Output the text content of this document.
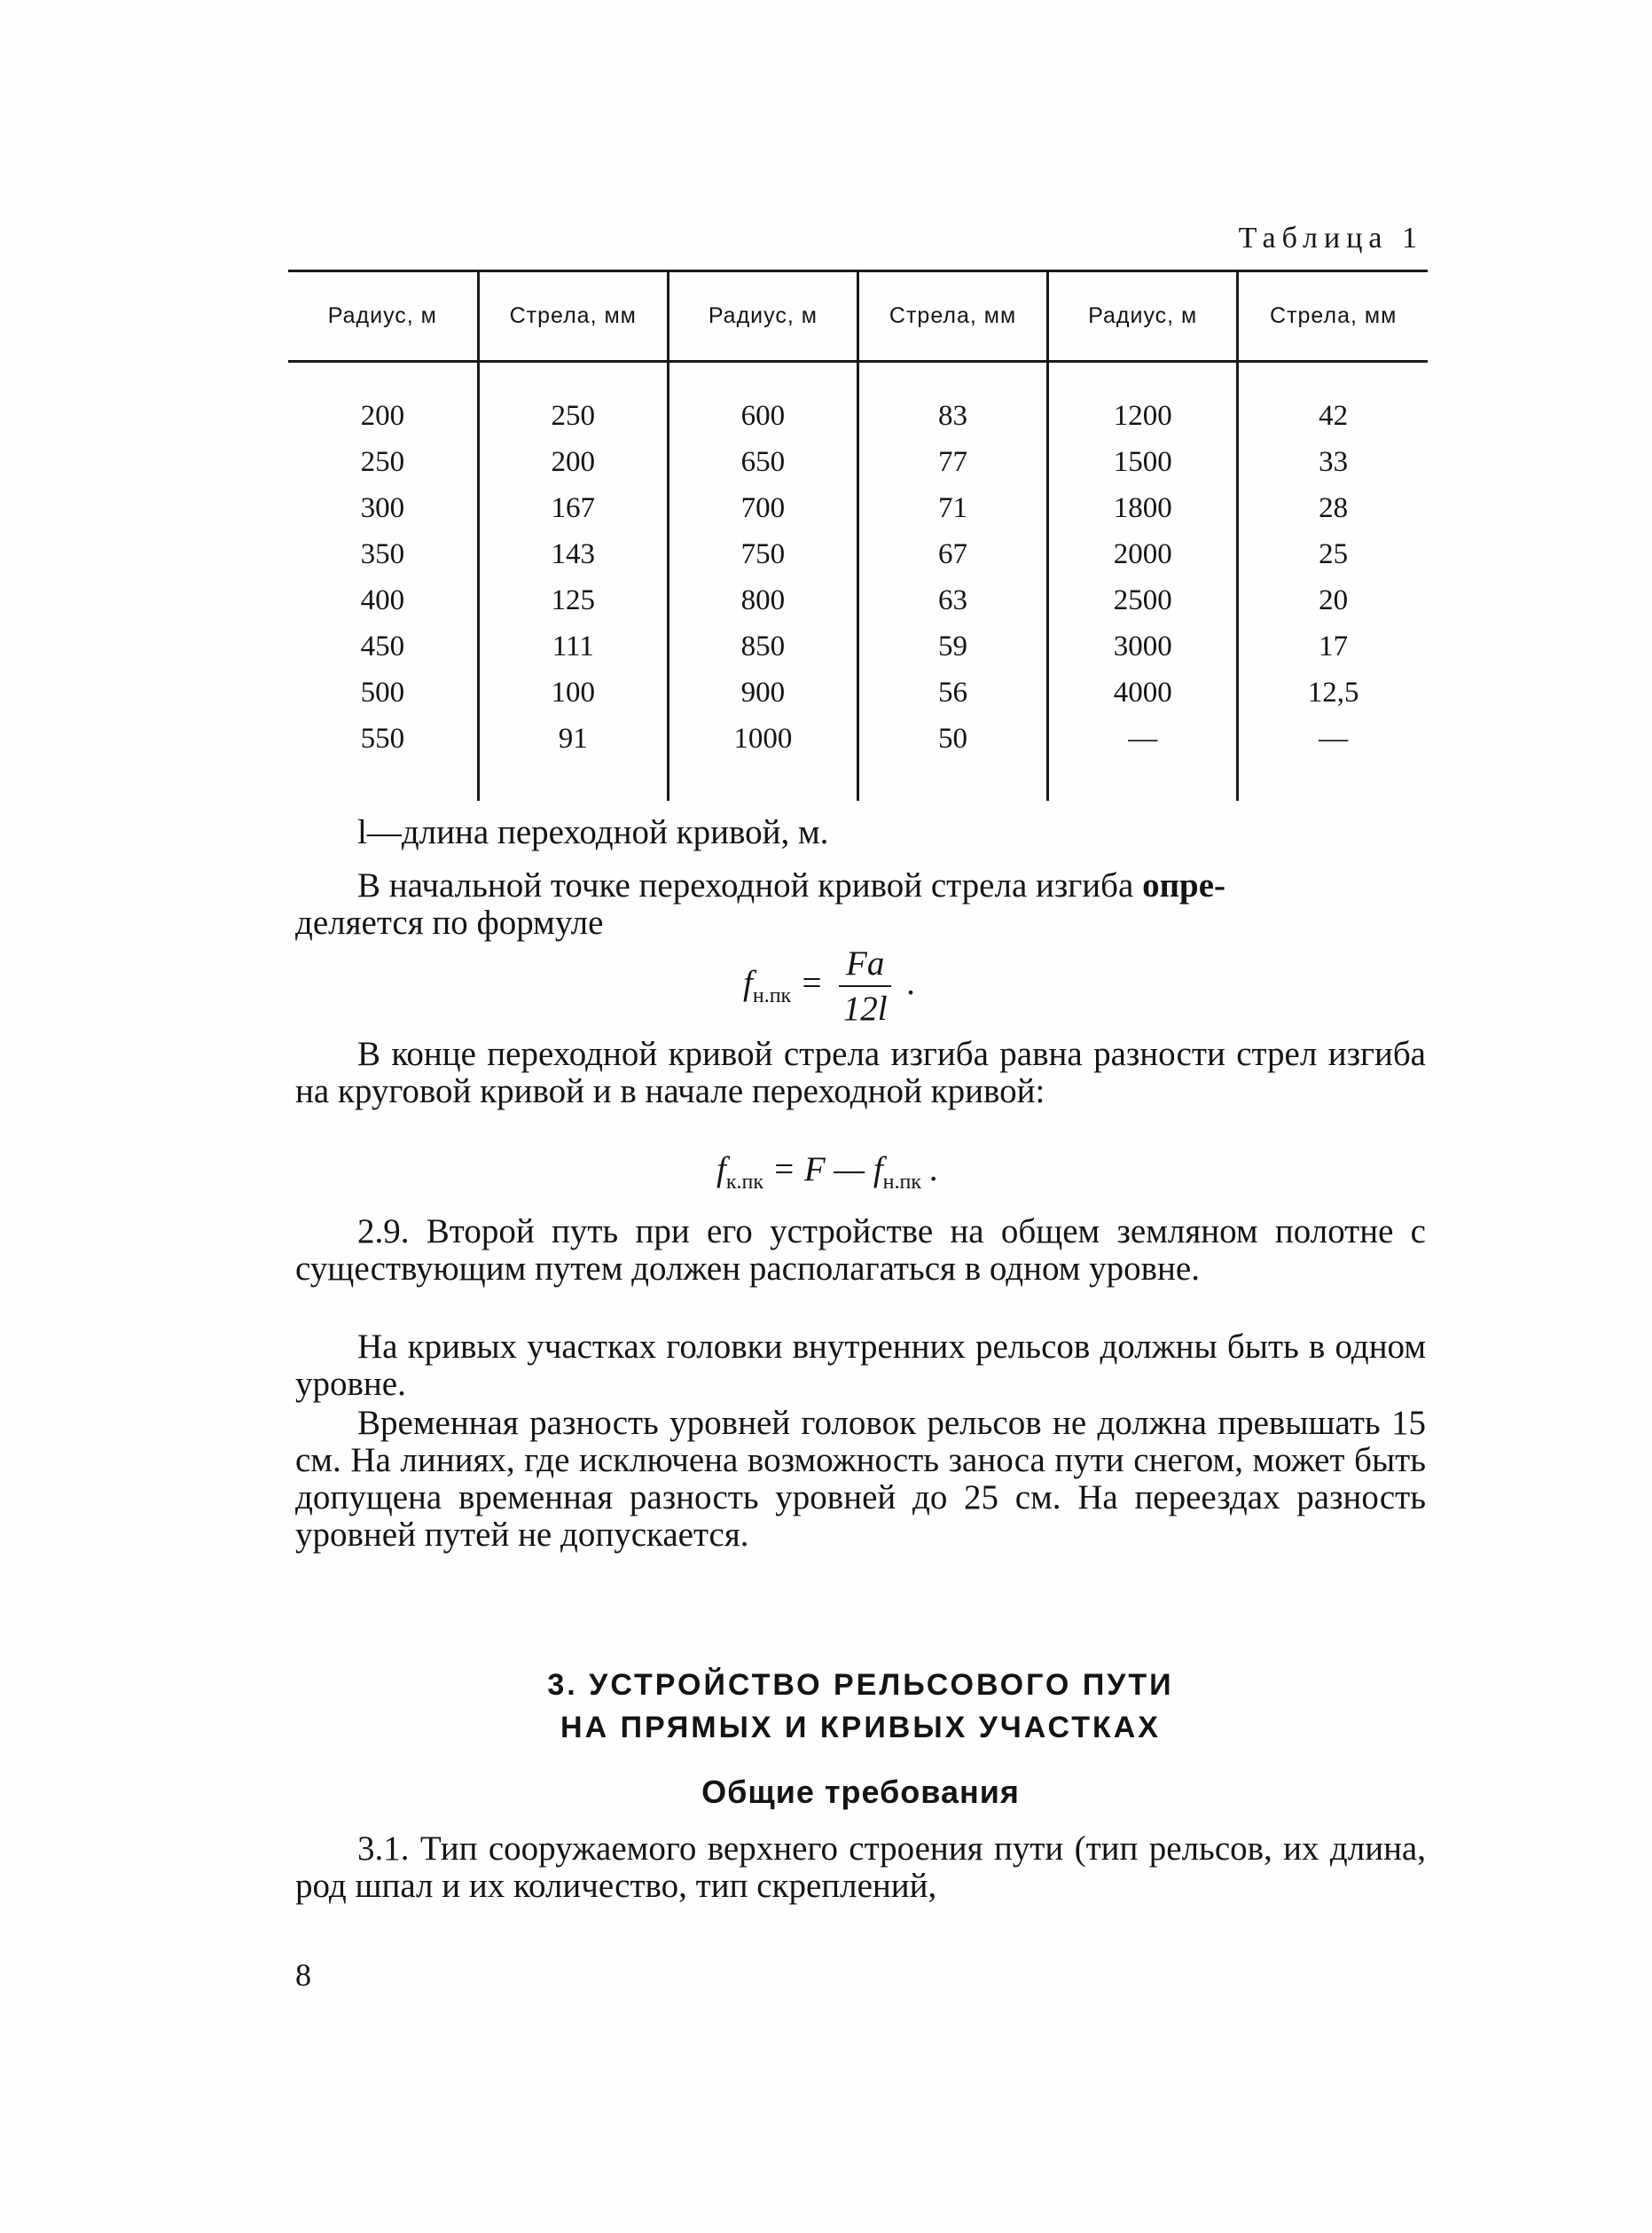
Таблица 1
Радиус, м	Стрела, мм	Радиус, м	Стрела, мм	Радиус, м	Стрела, мм
200	250	600	83	1200	42
250	200	650	77	1500	33
300	167	700	71	1800	28
350	143	750	67	2000	25
400	125	800	63	2500	20
450	111	850	59	3000	17
500	100	900	56	4000	12,5
550	91	1000	50	—	—

l—длина переходной кривой, м.

В начальной точке переходной кривой стрела изгиба опре-
деляется по формуле

$f_{н.пк} = \frac{Fa}{12l}$ .

В конце переходной кривой стрела изгиба равна разности стрел изгиба на круговой кривой и в начале переходной кривой:

$f_{к.пк} = F$ — $f_{н.пк}$ .

2.9. Второй путь при его устройстве на общем земляном полотне с существующим путем должен располагаться в одном уровне.

На кривых участках головки внутренних рельсов должны быть в одном уровне.

Временная разность уровней головок рельсов не должна превышать 15 см. На линиях, где исключена возможность заноса пути снегом, может быть допущена временная разность уровней до 25 см. На переездах разность уровней путей не допускается.

3. УСТРОЙСТВО РЕЛЬСОВОГО ПУТИ
НА ПРЯМЫХ И КРИВЫХ УЧАСТКАХ
Общие требования

3.1. Тип сооружаемого верхнего строения пути (тип рельсов, их длина, род шпал и их количество, тип скреплений,

8
